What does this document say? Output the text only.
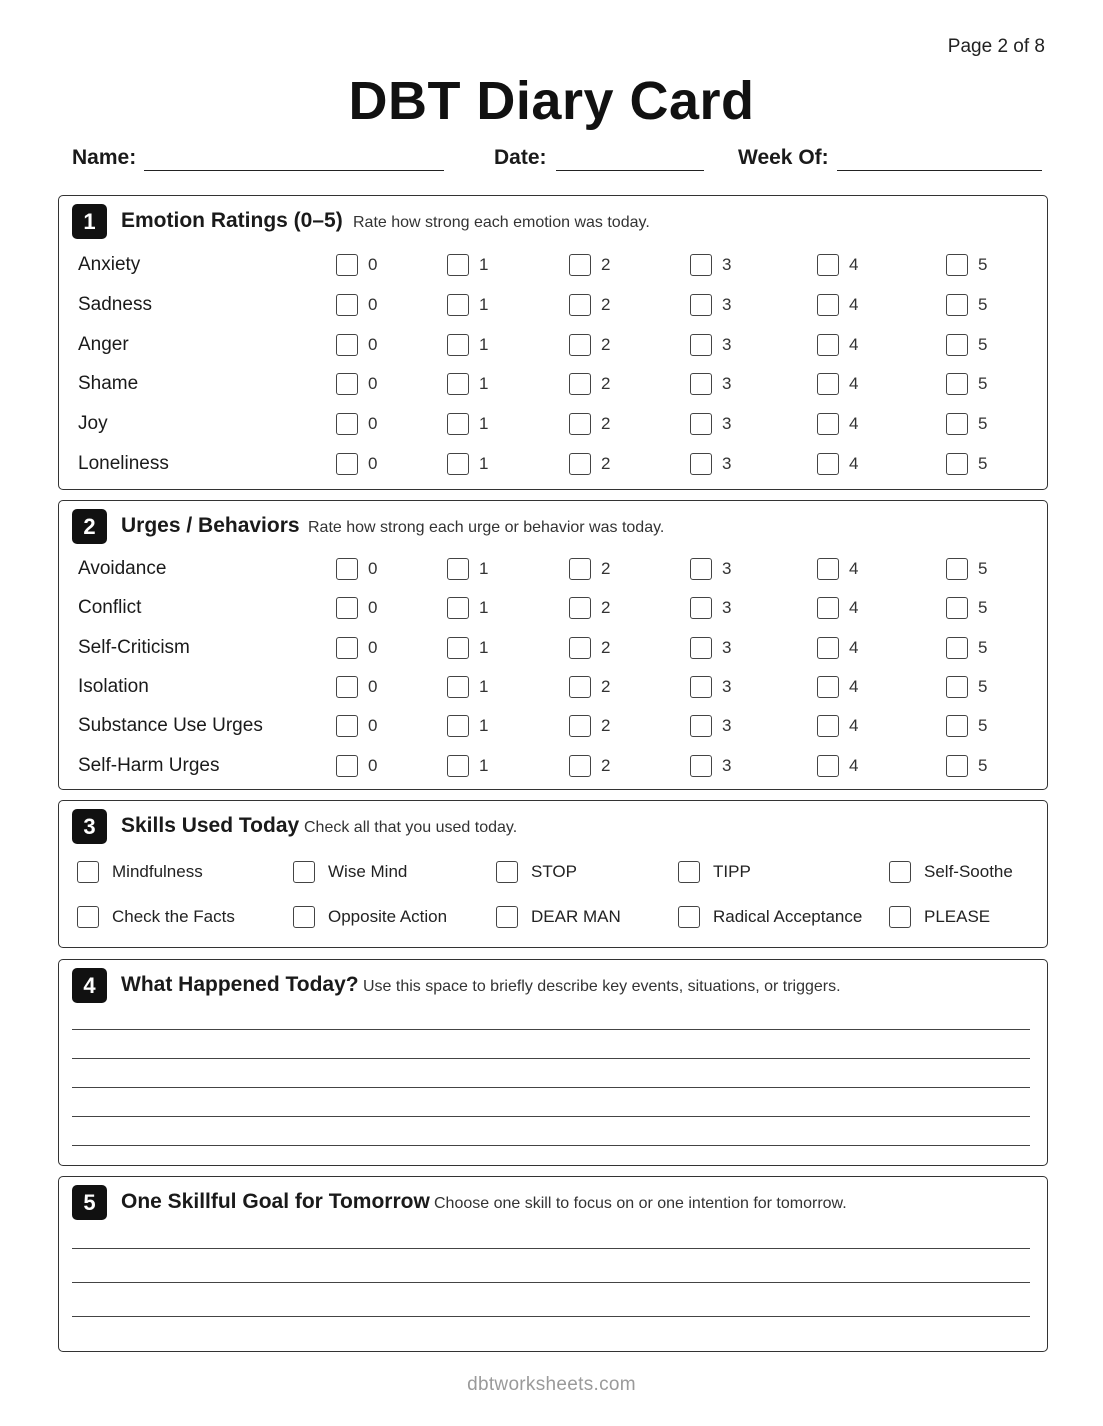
Page 2 of 8
DBT Diary Card
Name:	Date:	Week Of:
1	Emotion Ratings (0–5) Rate how strong each emotion was today.
Anxiety	0	1	2	3	4	5
Sadness	0	1	2	3	4	5
Anger	0	1	2	3	4	5
Shame	0	1	2	3	4	5
Joy	0	1	2	3	4	5
Loneliness	0	1	2	3	4	5
2	Urges / Behaviors Rate how strong each urge or behavior was today.
Avoidance	0	1	2	3	4	5
Conflict	0	1	2	3	4	5
Self-Criticism	0	1	2	3	4	5
Isolation	0	1	2	3	4	5
Substance Use Urges	0	1	2	3	4	5
Self-Harm Urges	0	1	2	3	4	5
3	Skills Used Today Check all that you used today.
Mindfulness	Wise Mind	STOP	TIPP	Self-Soothe
Check the Facts	Opposite Action	DEAR MAN	Radical Acceptance	PLEASE
4	What Happened Today? Use this space to briefly describe key events, situations, or triggers.
5	One Skillful Goal for Tomorrow Choose one skill to focus on or one intention for tomorrow.
dbtworksheets.com
